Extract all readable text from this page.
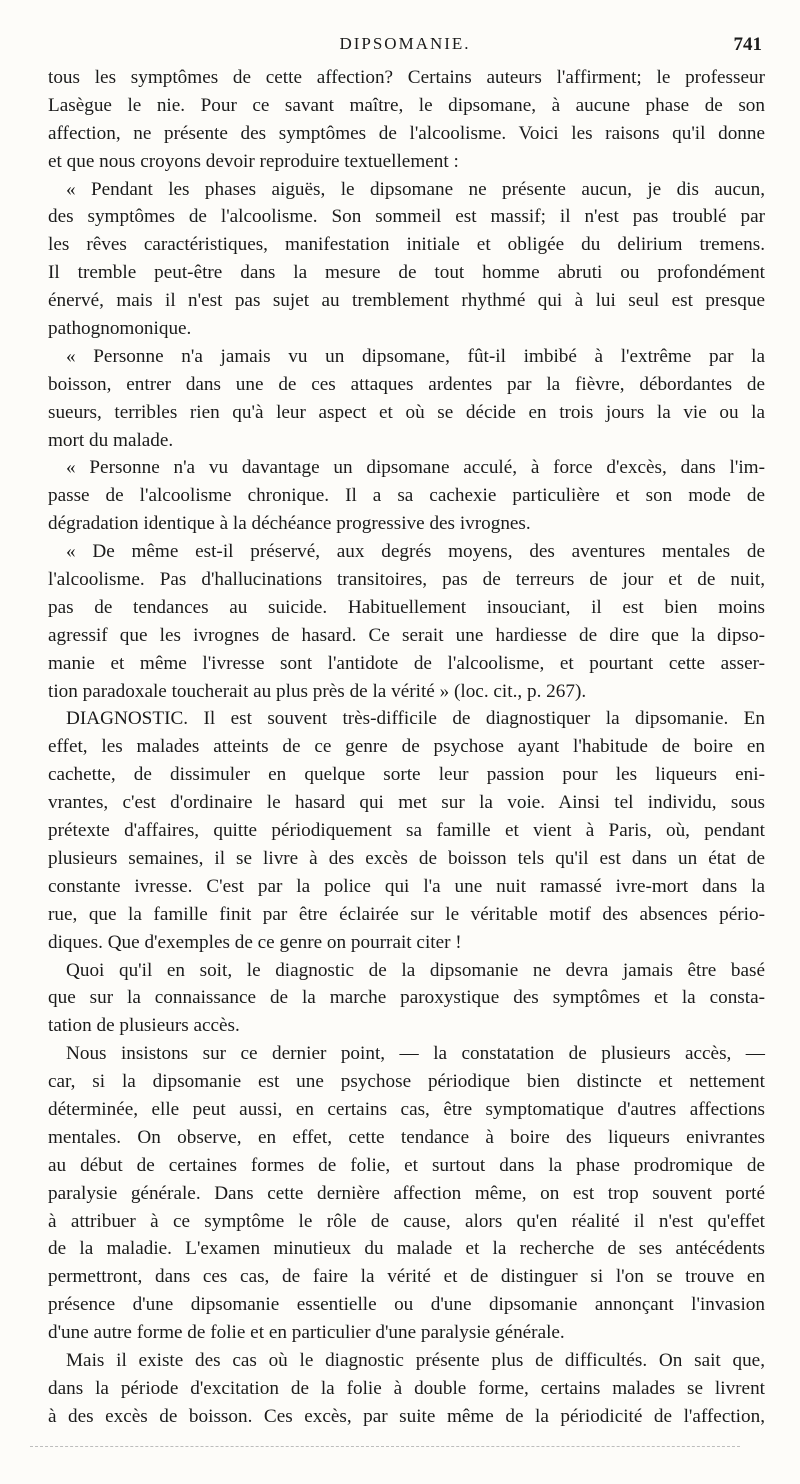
DIPSOMANIE.	741
tous les symptômes de cette affection? Certains auteurs l'affirment; le professeur
Lasègue le nie. Pour ce savant maître, le dipsomane, à aucune phase de son
affection, ne présente des symptômes de l'alcoolisme. Voici les raisons qu'il donne
et que nous croyons devoir reproduire textuellement :
« Pendant les phases aiguës, le dipsomane ne présente aucun, je dis aucun,
des symptômes de l'alcoolisme. Son sommeil est massif; il n'est pas troublé par
les rêves caractéristiques, manifestation initiale et obligée du delirium tremens.
Il tremble peut-être dans la mesure de tout homme abruti ou profondément
énervé, mais il n'est pas sujet au tremblement rhythmé qui à lui seul est presque
pathognomonique.
« Personne n'a jamais vu un dipsomane, fût-il imbibé à l'extrême par la
boisson, entrer dans une de ces attaques ardentes par la fièvre, débordantes de
sueurs, terribles rien qu'à leur aspect et où se décide en trois jours la vie ou la
mort du malade.
« Personne n'a vu davantage un dipsomane acculé, à force d'excès, dans l'im-
passe de l'alcoolisme chronique. Il a sa cachexie particulière et son mode de
dégradation identique à la déchéance progressive des ivrognes.
« De même est-il préservé, aux degrés moyens, des aventures mentales de
l'alcoolisme. Pas d'hallucinations transitoires, pas de terreurs de jour et de nuit,
pas de tendances au suicide. Habituellement insouciant, il est bien moins
agressif que les ivrognes de hasard. Ce serait une hardiesse de dire que la dipso-
manie et même l'ivresse sont l'antidote de l'alcoolisme, et pourtant cette asser-
tion paradoxale toucherait au plus près de la vérité » (loc. cit., p. 267).
DIAGNOSTIC. Il est souvent très-difficile de diagnostiquer la dipsomanie. En
effet, les malades atteints de ce genre de psychose ayant l'habitude de boire en
cachette, de dissimuler en quelque sorte leur passion pour les liqueurs eni-
vrantes, c'est d'ordinaire le hasard qui met sur la voie. Ainsi tel individu, sous
prétexte d'affaires, quitte périodiquement sa famille et vient à Paris, où, pendant
plusieurs semaines, il se livre à des excès de boisson tels qu'il est dans un état de
constante ivresse. C'est par la police qui l'a une nuit ramassé ivre-mort dans la
rue, que la famille finit par être éclairée sur le véritable motif des absences pério-
diques. Que d'exemples de ce genre on pourrait citer !
Quoi qu'il en soit, le diagnostic de la dipsomanie ne devra jamais être basé
que sur la connaissance de la marche paroxystique des symptômes et la consta-
tation de plusieurs accès.
Nous insistons sur ce dernier point, — la constatation de plusieurs accès, —
car, si la dipsomanie est une psychose périodique bien distincte et nettement
déterminée, elle peut aussi, en certains cas, être symptomatique d'autres affections
mentales. On observe, en effet, cette tendance à boire des liqueurs enivrantes
au début de certaines formes de folie, et surtout dans la phase prodromique de
paralysie générale. Dans cette dernière affection même, on est trop souvent porté
à attribuer à ce symptôme le rôle de cause, alors qu'en réalité il n'est qu'effet
de la maladie. L'examen minutieux du malade et la recherche de ses antécédents
permettront, dans ces cas, de faire la vérité et de distinguer si l'on se trouve en
présence d'une dipsomanie essentielle ou d'une dipsomanie annonçant l'invasion
d'une autre forme de folie et en particulier d'une paralysie générale.
Mais il existe des cas où le diagnostic présente plus de difficultés. On sait que,
dans la période d'excitation de la folie à double forme, certains malades se livrent
à des excès de boisson. Ces excès, par suite même de la périodicité de l'affection,
